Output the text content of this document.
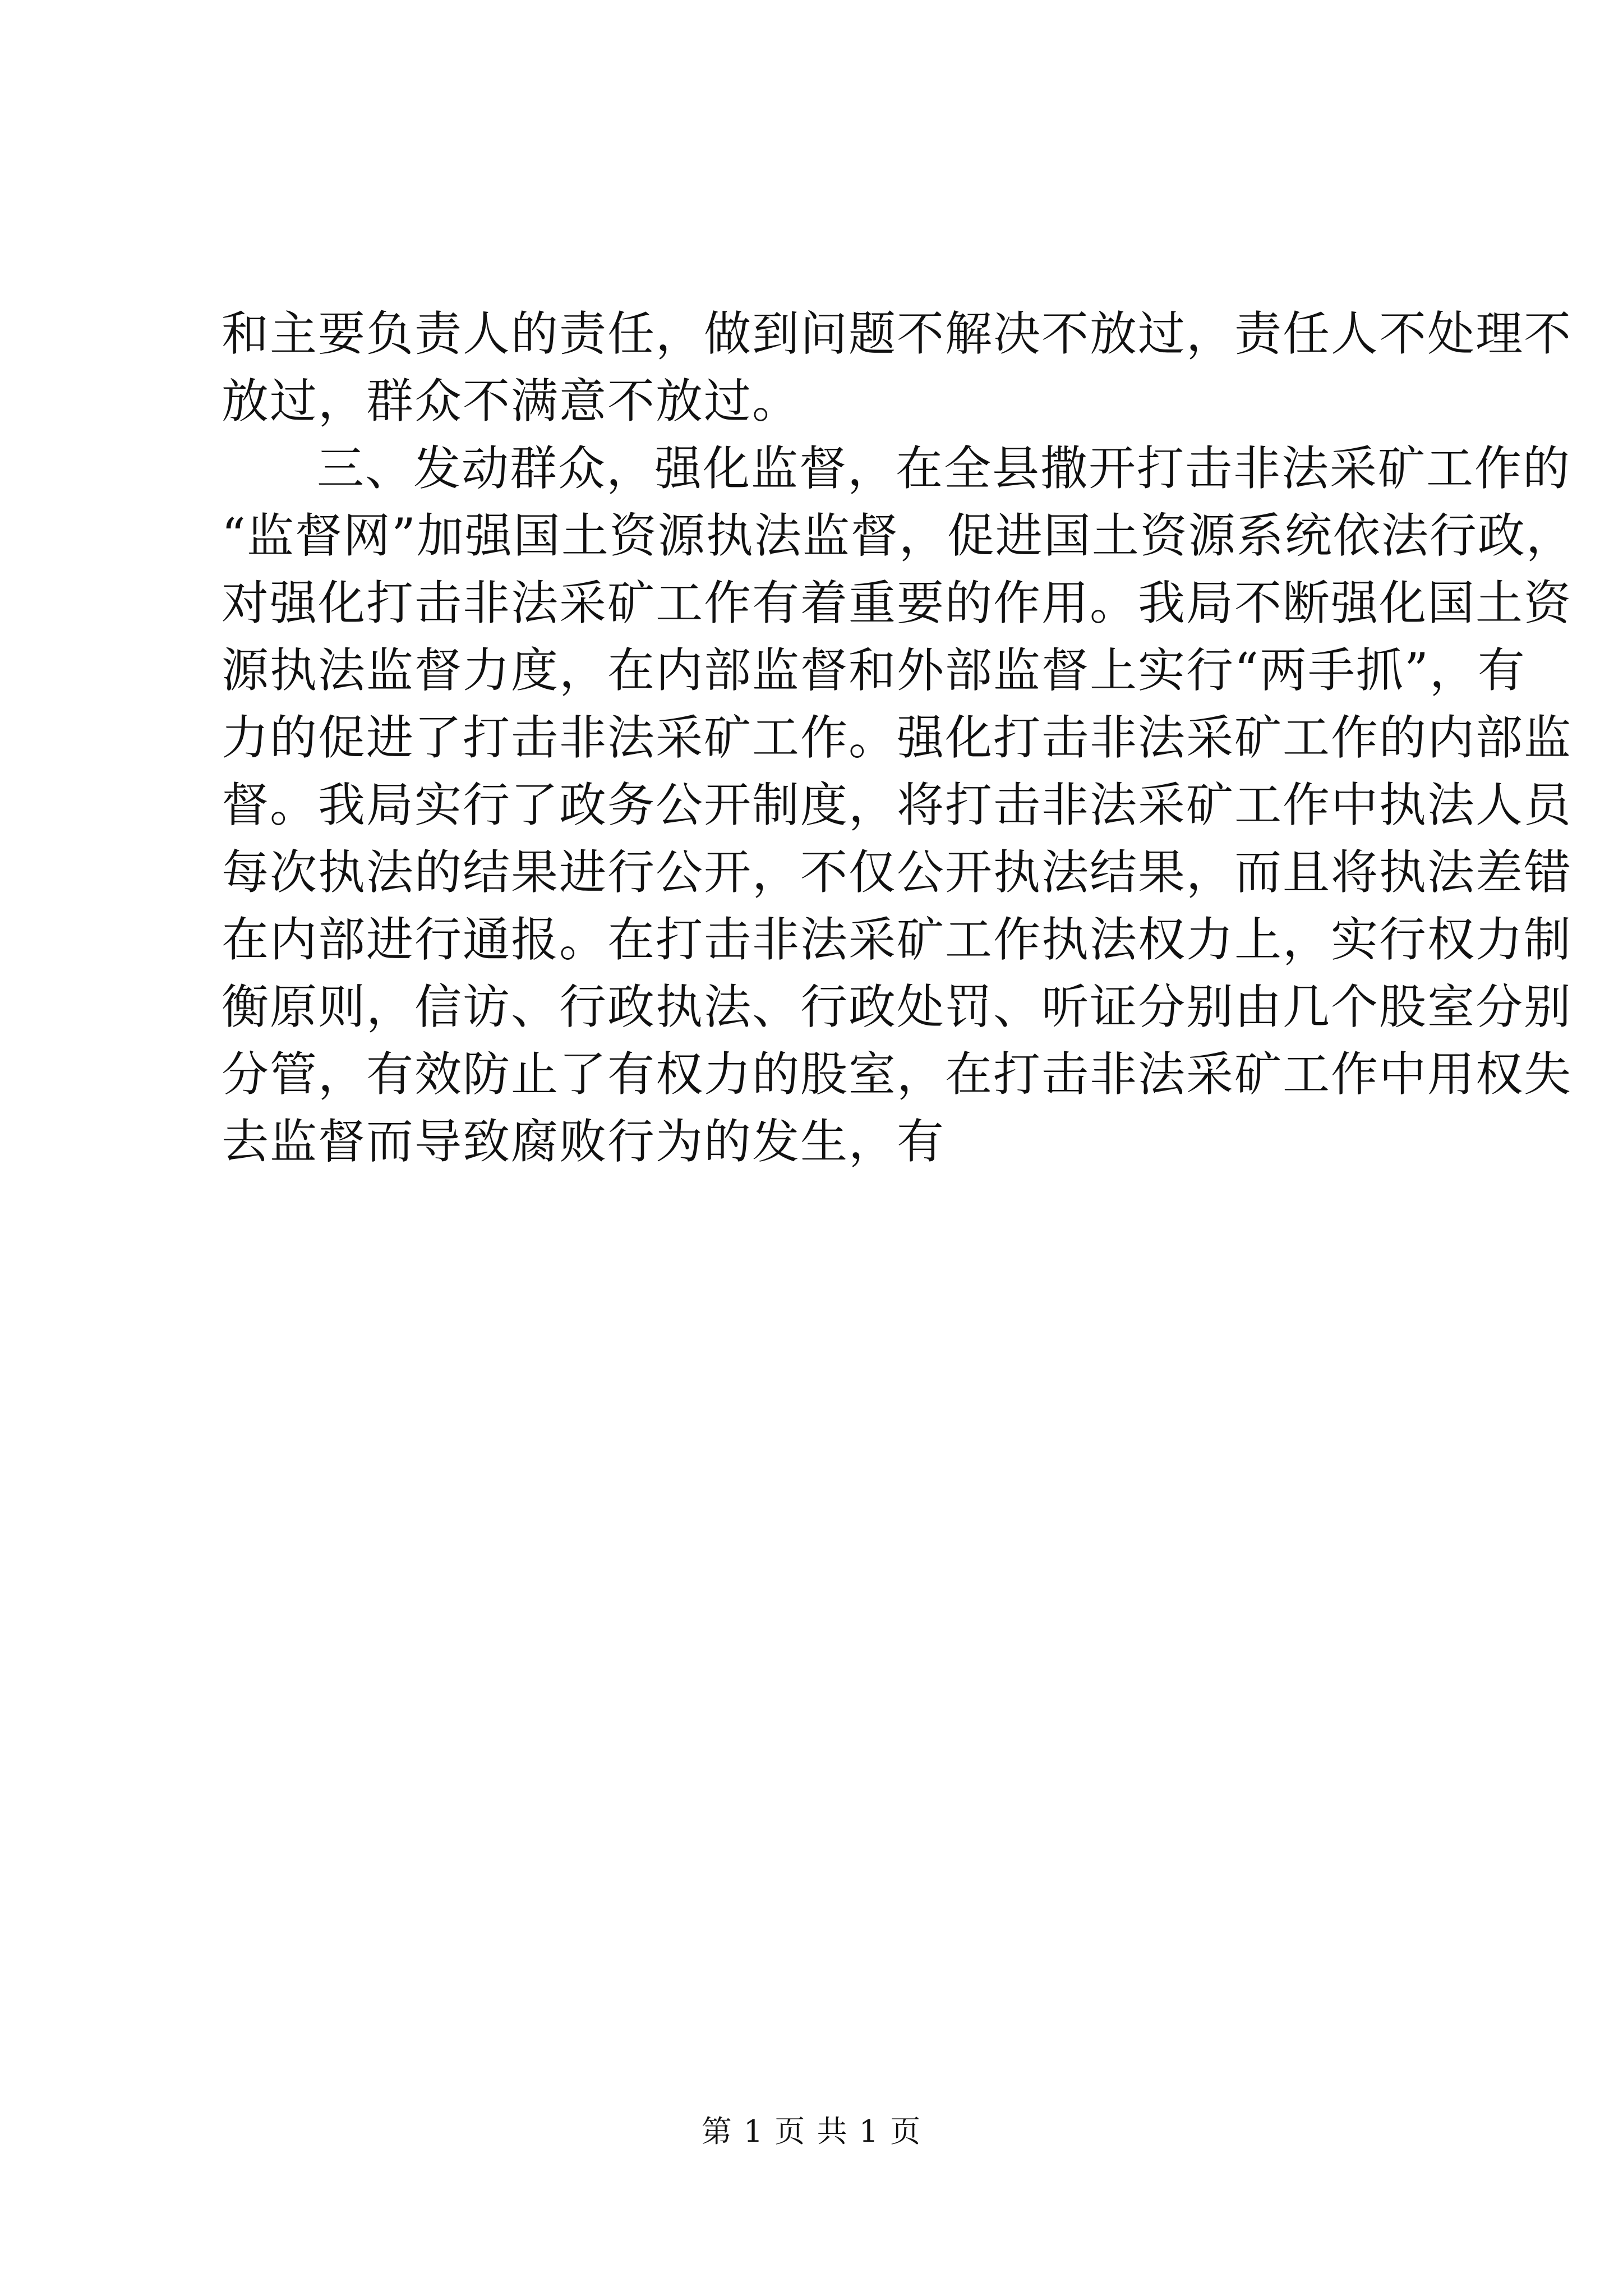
和主要负责人的责任，做到问题不解决不放过，责任人不处理不
放过，群众不满意不放过。
三、发动群众，强化监督，在全县撒开打击非法采矿工作的
“监督网”加强国土资源执法监督，促进国土资源系统依法行政，
对强化打击非法采矿工作有着重要的作用。我局不断强化国土资
源执法监督力度，在内部监督和外部监督上实行“两手抓”，有
力的促进了打击非法采矿工作。强化打击非法采矿工作的内部监
督。我局实行了政务公开制度，将打击非法采矿工作中执法人员
每次执法的结果进行公开，不仅公开执法结果，而且将执法差错
在内部进行通报。在打击非法采矿工作执法权力上，实行权力制
衡原则，信访、行政执法、行政处罚、听证分别由几个股室分别
分管，有效防止了有权力的股室，在打击非法采矿工作中用权失
去监督而导致腐败行为的发生，有
第 1 页 共 1 页
